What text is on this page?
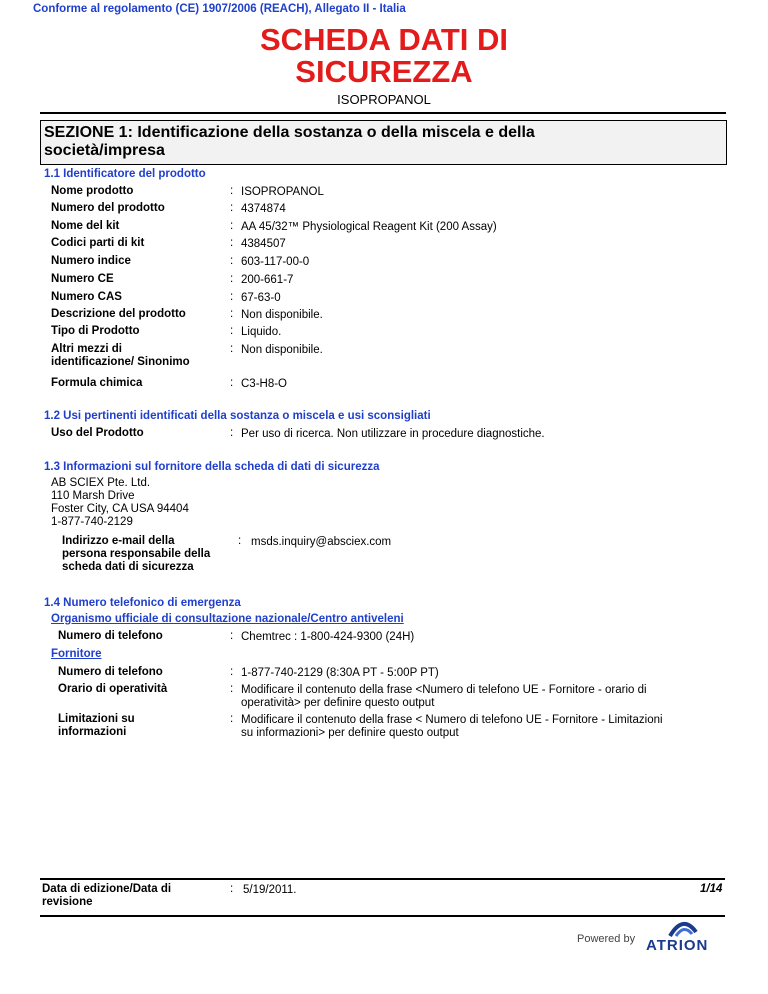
Conforme al regolamento (CE) 1907/2006 (REACH), Allegato II - Italia
SCHEDA DATI DI
SICUREZZA
ISOPROPANOL
SEZIONE 1: Identificazione della sostanza o della miscela e della
società/impresa
1.1 Identificatore del prodotto
Nome prodotto	: ISOPROPANOL
Numero del prodotto	: 4374874
Nome del kit	: AA 45/32™ Physiological Reagent Kit (200 Assay)
Codici parti di kit	: 4384507
Numero indice	: 603-117-00-0
Numero CE	: 200-661-7
Numero CAS	: 67-63-0
Descrizione del prodotto	: Non disponibile.
Tipo di Prodotto	: Liquido.
Altri mezzi di
identificazione/ Sinonimo
: Non disponibile.
Formula chimica	: C3-H8-O
1.2 Usi pertinenti identificati della sostanza o miscela e usi sconsigliati
Uso del Prodotto	: Per uso di ricerca. Non utilizzare in procedure diagnostiche.
1.3 Informazioni sul fornitore della scheda di dati di sicurezza
AB SCIEX Pte. Ltd.
110 Marsh Drive
Foster City, CA USA 94404
1-877-740-2129
Indirizzo e-mail della
persona responsabile della
scheda dati di sicurezza
: msds.inquiry@absciex.com
1.4 Numero telefonico di emergenza
Organismo ufficiale di consultazione nazionale/Centro antiveleni
Numero di telefono	: Chemtrec : 1-800-424-9300 (24H)
Fornitore
Numero di telefono	: 1-877-740-2129 (8:30A PT - 5:00P PT)
Orario di operatività	: Modificare il contenuto della frase <Numero di telefono UE - Fornitore - orario di
operatività> per definire questo output
Limitazioni su
informazioni
: Modificare il contenuto della frase < Numero di telefono UE - Fornitore - Limitazioni
su informazioni> per definire questo output
Data di edizione/Data di
revisione
: 5/19/2011.	1/14
Powered by ATRION
